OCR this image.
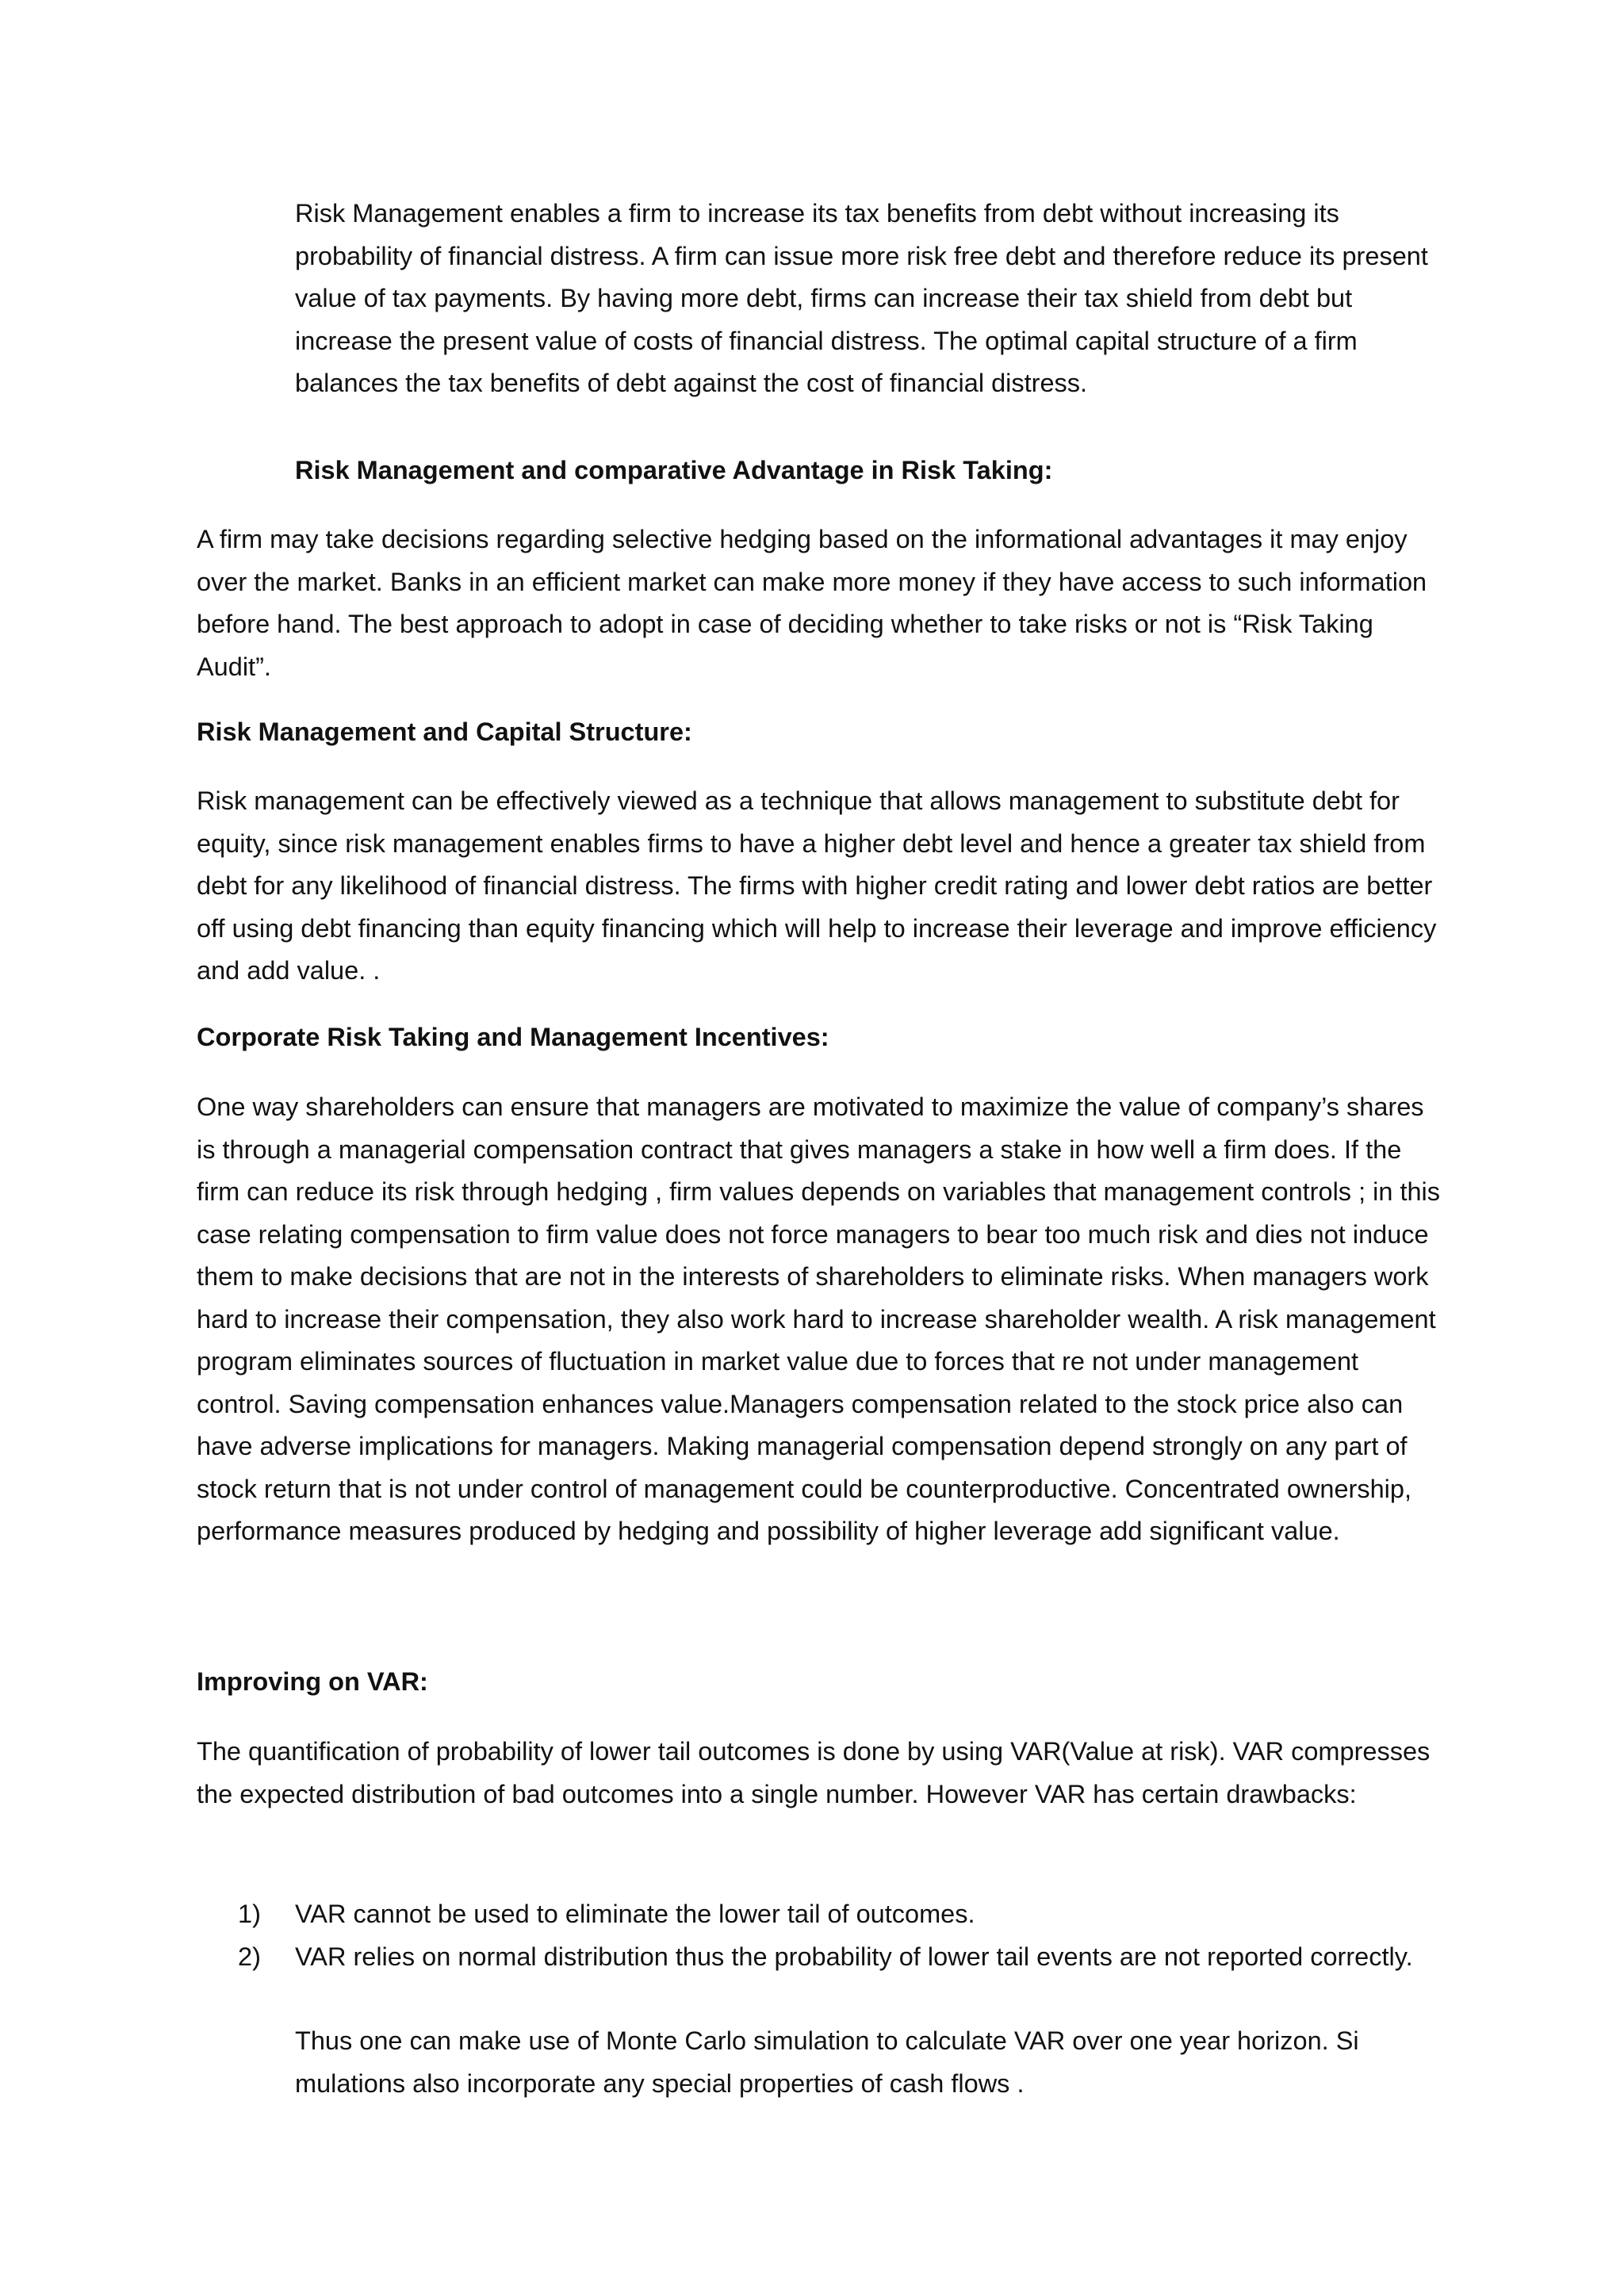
Risk Management enables a firm to increase its tax benefits from debt without increasing its probability of financial distress. A firm can issue more risk free debt and therefore reduce its present value of tax payments. By having more debt, firms can increase their tax shield from debt but increase the present value of costs of financial distress. The optimal capital structure of a firm balances the tax benefits of debt against the cost of financial distress.

Risk Management and comparative Advantage in Risk Taking:

A firm may take decisions regarding selective hedging based on the informational advantages it may enjoy over the market. Banks in an efficient market can make more money if they have access to such information before hand. The best approach to adopt in case of deciding whether to take risks or not is “Risk Taking Audit”.

Risk Management and Capital Structure:

Risk management can be effectively viewed as a technique that allows management to substitute debt for equity, since risk management enables firms to have a higher debt level and hence a greater tax shield from debt for any likelihood of financial distress. The firms with higher credit rating and lower debt ratios are better off using debt financing than equity financing which will help to increase their leverage and improve efficiency and add value. .

Corporate Risk Taking and Management Incentives:

One way shareholders can ensure that managers are motivated to maximize the value of company’s shares is through a managerial compensation contract that gives managers a stake in how well a firm does. If the firm can reduce its risk through hedging , firm values depends on variables that management controls ; in this case relating compensation to firm value does not force managers to bear too much risk and dies not induce them to make decisions that are not in the interests of shareholders to eliminate risks. When managers work hard to increase their compensation, they also work hard to increase shareholder wealth. A risk management program eliminates sources of fluctuation in market value due to forces that re not under management control. Saving compensation enhances value.Managers compensation related to the stock price also can have adverse implications for managers. Making managerial compensation depend strongly on any part of stock return that is not under control of management could be counterproductive. Concentrated ownership, performance measures produced by hedging and possibility of higher leverage add significant value.

Improving on VAR:

The quantification of probability of lower tail outcomes is done by using VAR(Value at risk). VAR compresses the expected distribution of bad outcomes into a single number. However VAR has certain drawbacks:

1)	VAR cannot be used to eliminate the lower tail of outcomes.
2)	VAR relies on normal distribution thus the probability of lower tail events are not reported correctly.

Thus one can make use of Monte Carlo simulation to calculate VAR over one year horizon. Si mulations also incorporate any special properties of cash flows .
